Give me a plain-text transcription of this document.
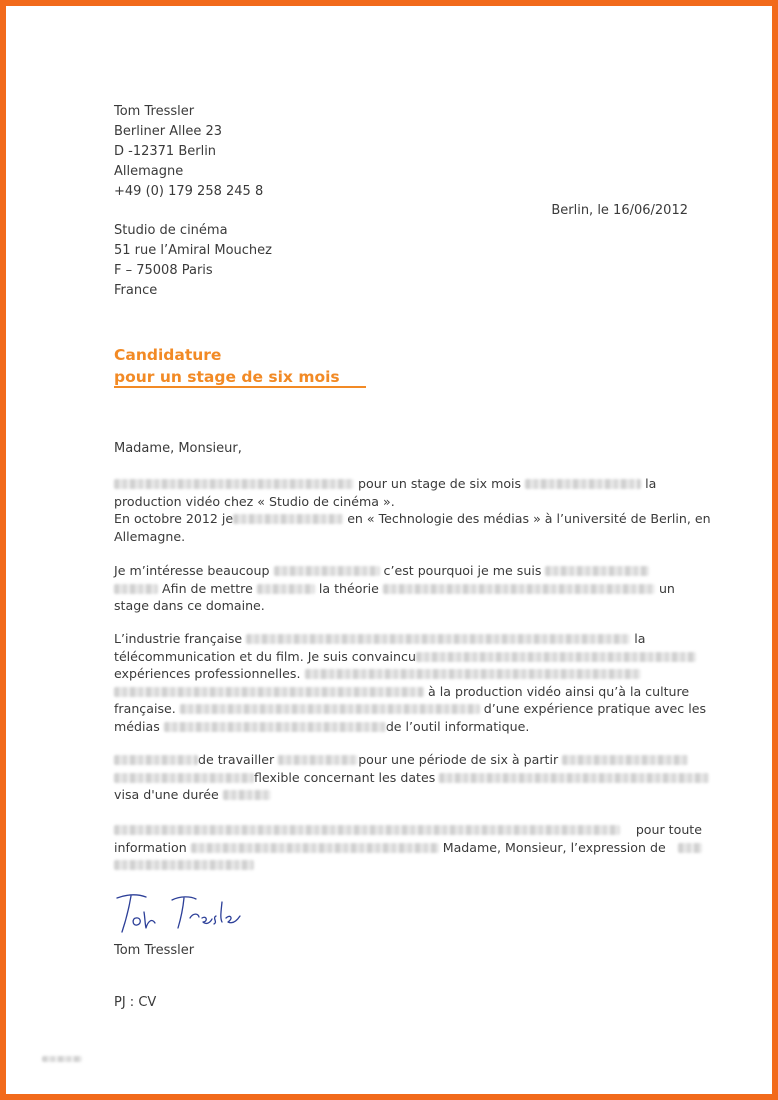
Tom Tressler
Berliner Allee 23
D -12371 Berlin
Allemagne
+49 (0) 179 258 245 8
Berlin, le 16/06/2012
Studio de cinéma
51 rue l’Amiral Mouchez
F – 75008 Paris
France
Candidature
pour un stage de six mois
Madame, Monsieur,
pour un stage de six mois	la
production vidéo chez « Studio de cinéma ».
En octobre 2012 je	en « Technologie des médias » à l’université de Berlin, en
Allemagne.
Je m’intéresse beaucoup	c’est pourquoi je me suis
Afin de mettre	la théorie	un
stage dans ce domaine.
L’industrie française	la
télécommunication et du film. Je suis convaincu
expériences professionnelles.
à la production vidéo ainsi qu’à la culture
française.	d’une expérience pratique avec les
médias	de l’outil informatique.
de travailler	pour une période de six à partir
flexible concernant les dates
visa d'une durée
pour toute
information	Madame, Monsieur, l’expression de
Tom Tressler
PJ : CV
